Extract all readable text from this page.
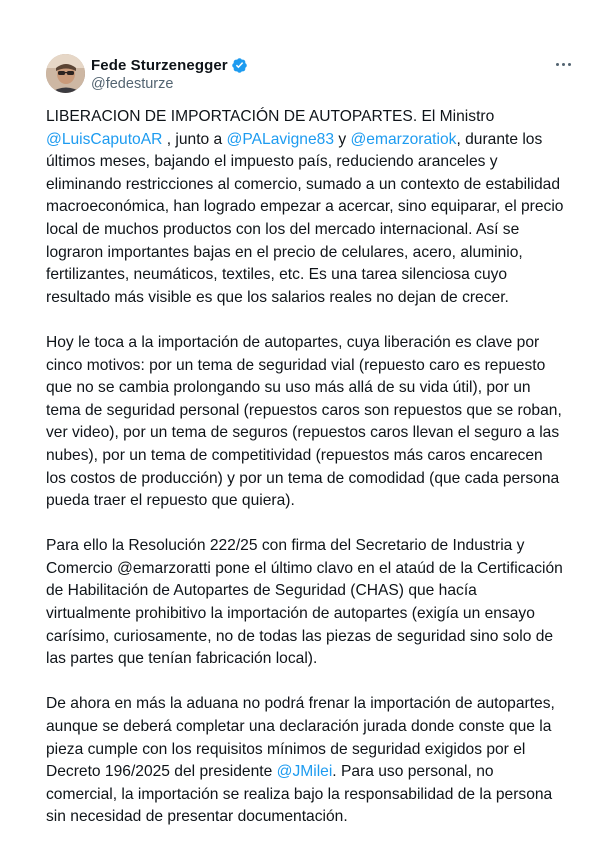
Fede Sturzenegger
@fedesturze

LIBERACION DE IMPORTACIÓN DE AUTOPARTES. El Ministro @LuisCaputoAR , junto a @PALavigne83 y @emarzoratiok, durante los últimos meses, bajando el impuesto país, reduciendo aranceles y eliminando restricciones al comercio, sumado a un contexto de estabilidad macroeconómica, han logrado empezar a acercar, sino equiparar, el precio local de muchos productos con los del mercado internacional. Así se lograron importantes bajas en el precio de celulares, acero, aluminio, fertilizantes, neumáticos, textiles, etc. Es una tarea silenciosa cuyo resultado más visible es que los salarios reales no dejan de crecer.

Hoy le toca a la importación de autopartes, cuya liberación es clave por cinco motivos: por un tema de seguridad vial (repuesto caro es repuesto que no se cambia prolongando su uso más allá de su vida útil), por un tema de seguridad personal (repuestos caros son repuestos que se roban, ver video), por un tema de seguros (repuestos caros llevan el seguro a las nubes), por un tema de competitividad (repuestos más caros encarecen los costos de producción) y por un tema de comodidad (que cada persona pueda traer el repuesto que quiera).

Para ello la Resolución 222/25 con firma del Secretario de Industria y Comercio @emarzoratti pone el último clavo en el ataúd de la Certificación de Habilitación de Autopartes de Seguridad (CHAS) que hacía virtualmente prohibitivo la importación de autopartes (exigía un ensayo carísimo, curiosamente, no de todas las piezas de seguridad sino solo de las partes que tenían fabricación local).

De ahora en más la aduana no podrá frenar la importación de autopartes, aunque se deberá completar una declaración jurada donde conste que la pieza cumple con los requisitos mínimos de seguridad exigidos por el Decreto 196/2025 del presidente @JMilei. Para uso personal, no comercial, la importación se realiza bajo la responsabilidad de la persona sin necesidad de presentar documentación.
